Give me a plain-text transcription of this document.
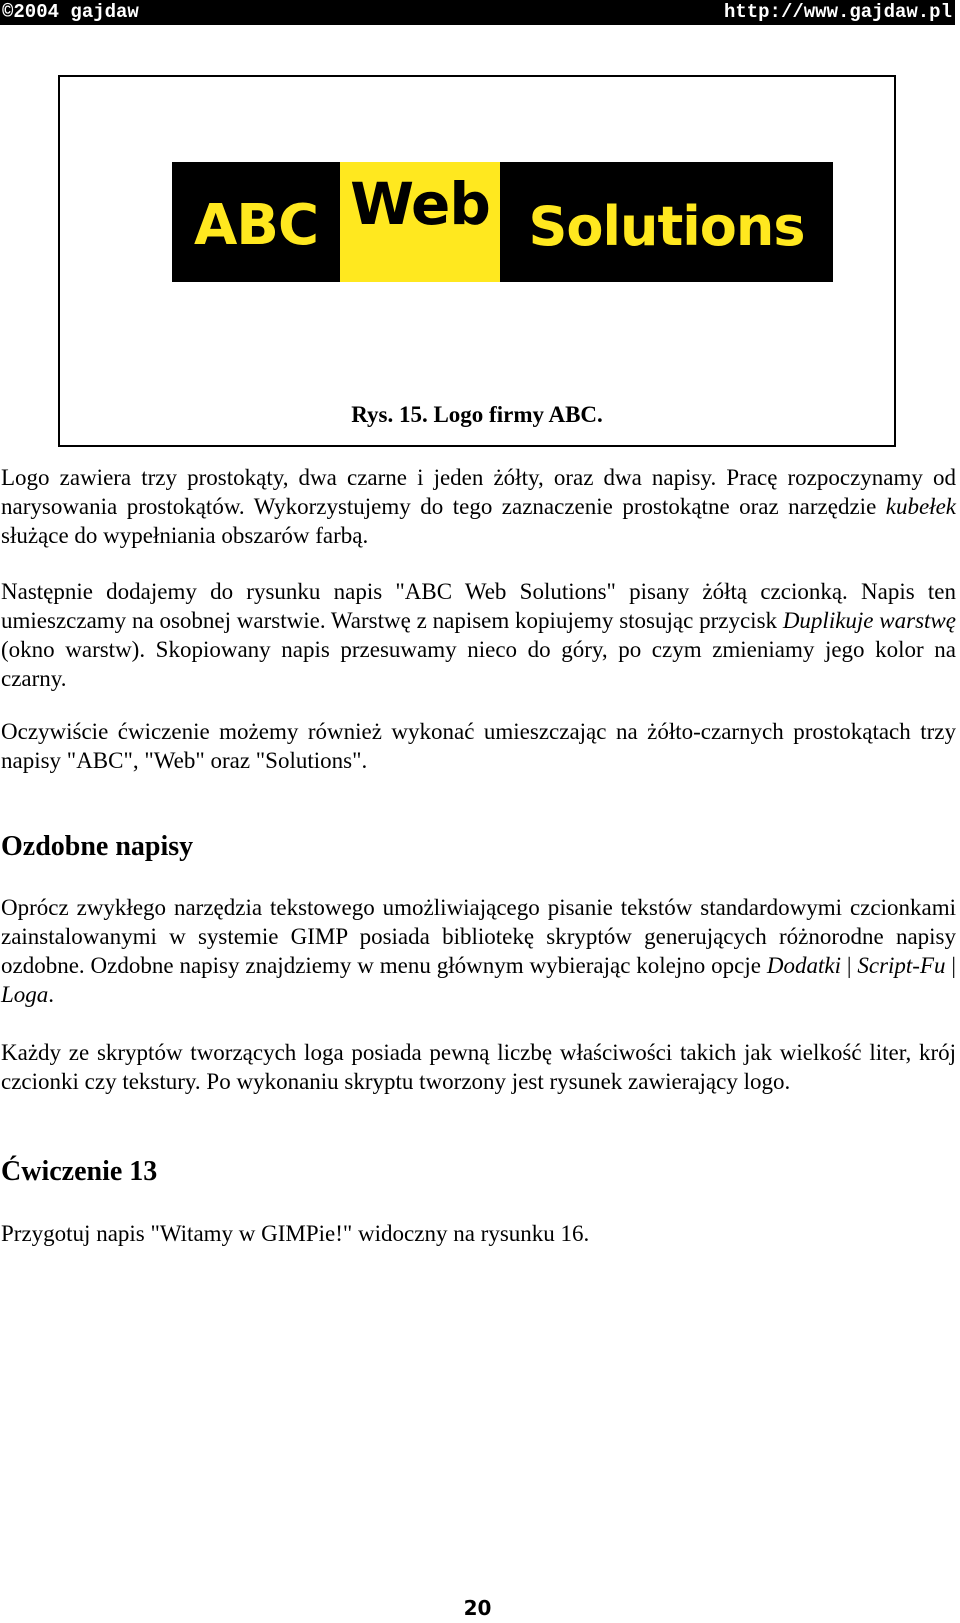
©2004 gajdaw	http://www.gajdaw.pl
ABC Web Solutions
Rys. 15. Logo firmy ABC.

Logo zawiera trzy prostokąty, dwa czarne i jeden żółty, oraz dwa napisy. Pracę rozpoczynamy od narysowania prostokątów. Wykorzystujemy do tego zaznaczenie prostokątne oraz narzędzie kubełek służące do wypełniania obszarów farbą.

Następnie dodajemy do rysunku napis "ABC Web Solutions" pisany żółtą czcionką. Napis ten umieszczamy na osobnej warstwie. Warstwę z napisem kopiujemy stosując przycisk Duplikuje warstwę (okno warstw). Skopiowany napis przesuwamy nieco do góry, po czym zmieniamy jego kolor na czarny.

Oczywiście ćwiczenie możemy również wykonać umieszczając na żółto-czarnych prostokątach trzy napisy "ABC", "Web" oraz "Solutions".

Ozdobne napisy

Oprócz zwykłego narzędzia tekstowego umożliwiającego pisanie tekstów standardowymi czcionkami zainstalowanymi w systemie GIMP posiada bibliotekę skryptów generujących różnorodne napisy ozdobne. Ozdobne napisy znajdziemy w menu głównym wybierając kolejno opcje Dodatki | Script-Fu | Loga.

Każdy ze skryptów tworzących loga posiada pewną liczbę właściwości takich jak wielkość liter, krój czcionki czy tekstury. Po wykonaniu skryptu tworzony jest rysunek zawierający logo.

Ćwiczenie 13

Przygotuj napis "Witamy w GIMPie!" widoczny na rysunku 16.

20
